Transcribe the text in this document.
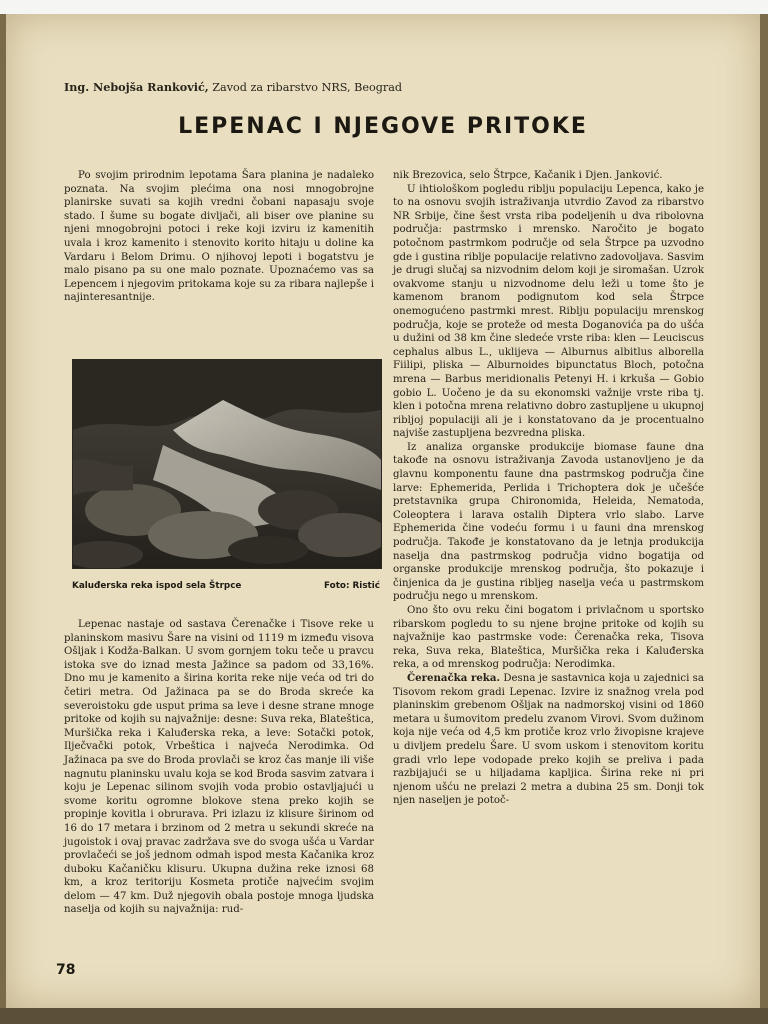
Ing. Nebojša Ranković, Zavod za ribarstvo NRS, Beograd
LEPENAC I NJEGOVE PRITOKE

Po svojim prirodnim lepotama Šara planina je nadaleko poznata. Na svojim plećima ona nosi mnogobrojne planirske suvati sa kojih vredni čobani napasaju svoje stado. I šume su bogate divljači, ali biser ove planine su njeni mnogobrojni potoci i reke koji izviru iz kamenitih uvala i kroz kamenito i stenovito korito hitaju u doline ka Vardaru i Belom Drimu. O njihovoj lepoti i bogatstvu je malo pisano pa su one malo poznate. Upoznaćemo vas sa Lepencem i njegovim pritokama koje su za ribara najlepše i najinteresantnije.

Kaluđerska reka ispod sela Štrpce	Foto: Ristić

Lepenac nastaje od sastava Čerenačke i Tisove reke u planinskom masivu Šare na visini od 1119 m između visova Ošljak i Kodža-Balkan. U svom gornjem toku teče u pravcu istoka sve do iznad mesta Jažince sa padom od 33,16%. Dno mu je kamenito a širina korita reke nije veća od tri do četiri metra. Od Jažinaca pa se do Broda skreće ka severoistoku gde usput prima sa leve i desne strane mnoge pritoke od kojih su najvažnije: desne: Suva reka, Blateštica, Muršička reka i Kaluđerska reka, a leve: Sotački potok, Ilječvački potok, Vrbeštica i najveća Nerodimka. Od Jažinaca pa sve do Broda provlači se kroz čas manje ili više nagnutu planinsku uvalu koja se kod Broda sasvim zatvara i koju je Lepenac silinom svojih voda probio ostavljajući u svome koritu ogromne blokove stena preko kojih se propinje kovitla i obrurava. Pri izlazu iz klisure širinom od 16 do 17 metara i brzinom od 2 metra u sekundi skreće na jugoistok i ovaj pravac zadržava sve do svoga ušća u Vardar provlačeći se još jednom odmah ispod mesta Kačanika kroz duboku Kačaničku klisuru. Ukupna dužina reke iznosi 68 km, a kroz teritoriju Kosmeta protiče najvećim svojim delom — 47 km. Duž njegovih obala postoje mnoga ljudska naselja od kojih su najvažnija: rud-

nik Brezovica, selo Štrpce, Kačanik i Djen. Janković.

U ihtiološkom pogledu riblju populaciju Lepenca, kako je to na osnovu svojih istraživanja utvrdio Zavod za ribarstvo NR Srbije, čine šest vrsta riba podeljenih u dva ribolovna područja: pastrmsko i mrensko. Naročito je bogato potočnom pastrmkom područje od sela Štrpce pa uzvodno gde i gustina riblje populacije relativno zadovoljava. Sasvim je drugi slučaj sa nizvodnim delom koji je siromašan. Uzrok ovakvome stanju u nizvodnome delu leži u tome što je kamenom branom podignutom kod sela Štrpce onemogućeno pastrmki mrest. Riblju populaciju mrenskog područja, koje se proteže od mesta Doganovića pa do ušća u dužini od 38 km čine sledeće vrste riba: klen — Leuciscus cephalus albus L., uklijeva — Alburnus albitlus alborella Fiilipi, pliska — Alburnoides bipunctatus Bloch, potočna mrena — Barbus meridionalis Petenyi H. i krkuša — Gobio gobio L. Uočeno je da su ekonomski važnije vrste riba tj. klen i potočna mrena relativno dobro zastupljene u ukupnoj ribljoj populaciji ali je i konstatovano da je procentualno najviše zastupljena bezvredna pliska.

Iz analiza organske produkcije biomase faune dna takođe na osnovu istraživanja Zavoda ustanovljeno je da glavnu komponentu faune dna pastrmskog područja čine larve: Ephemerida, Perlida i Trichoptera dok je učešće pretstavnika grupa Chironomida, Heleida, Nematoda, Coleoptera i larava ostalih Diptera vrlo slabo. Larve Ephemerida čine vodeću formu i u fauni dna mrenskog područja. Takođe je konstatovano da je letnja produkcija naselja dna pastrmskog područja vidno bogatija od organske produkcije mrenskog područja, što pokazuje i činjenica da je gustina ribljeg naselja veća u pastrmskom području nego u mrenskom.

Ono što ovu reku čini bogatom i privlačnom u sportsko ribarskom pogledu to su njene brojne pritoke od kojih su najvažnije kao pastrmske vode: Čerenačka reka, Tisova reka, Suva reka, Blateštica, Muršička reka i Kaluđerska reka, a od mrenskog područja: Nerodimka.

Čerenačka reka. Desna je sastavnica koja u zajednici sa Tisovom rekom gradi Lepenac. Izvire iz snažnog vrela pod planinskim grebenom Ošljak na nadmorskoj visini od 1860 metara u šumovitom predelu zvanom Virovi. Svom dužinom koja nije veća od 4,5 km protiče kroz vrlo živopisne krajeve u divljem predelu Šare. U svom uskom i stenovitom koritu gradi vrlo lepe vodopade preko kojih se preliva i pada razbijajući se u hiljadama kapljica. Širina reke ni pri njenom ušću ne prelazi 2 metra a dubina 25 sm. Donji tok njen naseljen je potoč-

78
